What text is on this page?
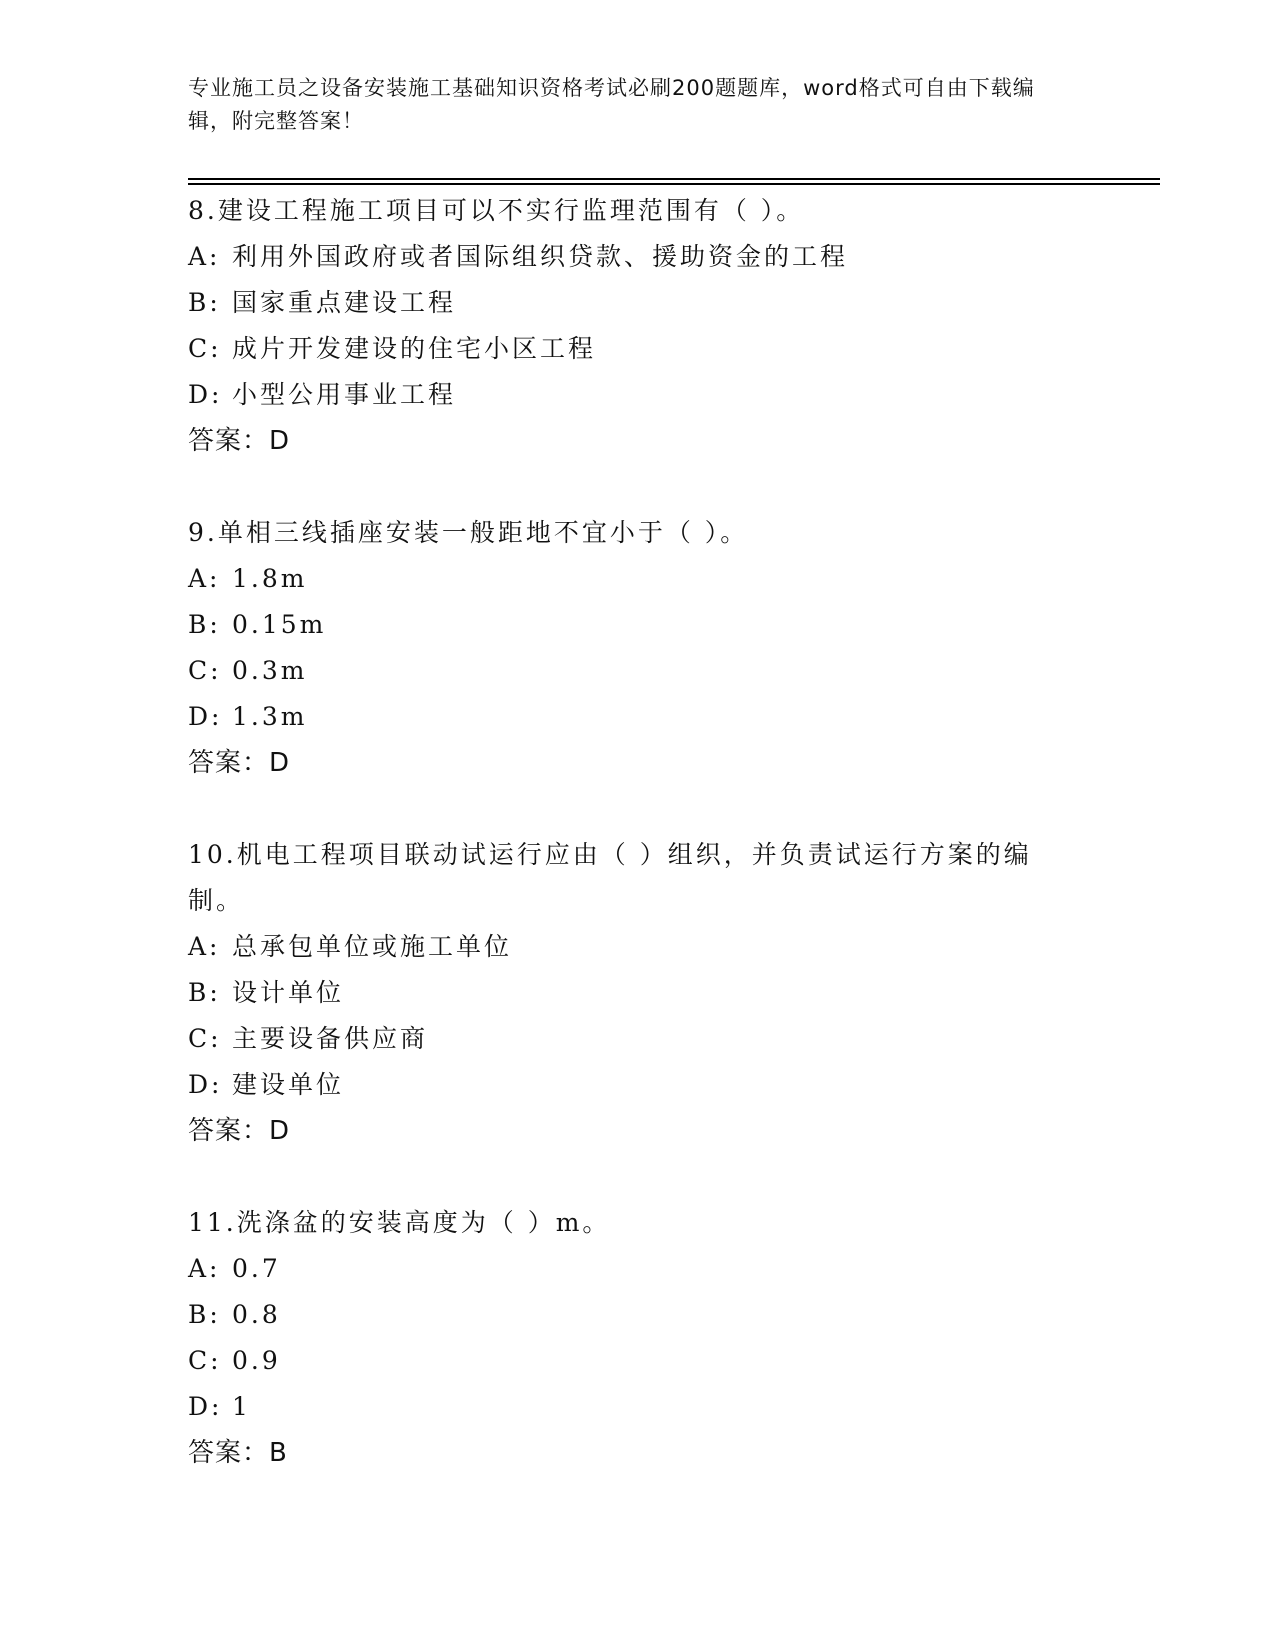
专业施工员之设备安装施工基础知识资格考试必刷200题题库，word格式可自由下载编辑，附完整答案！
8.建设工程施工项目可以不实行监理范围有（ ）。
A: 利用外国政府或者国际组织贷款、援助资金的工程
B: 国家重点建设工程
C: 成片开发建设的住宅小区工程
D: 小型公用事业工程
答案：D
9.单相三线插座安装一般距地不宜小于（ ）。
A: 1.8m
B: 0.15m
C: 0.3m
D: 1.3m
答案：D
10.机电工程项目联动试运行应由（ ）组织，并负责试运行方案的编制。
A: 总承包单位或施工单位
B: 设计单位
C: 主要设备供应商
D: 建设单位
答案：D
11.洗涤盆的安装高度为（ ）m。
A: 0.7
B: 0.8
C: 0.9
D: 1
答案：B
